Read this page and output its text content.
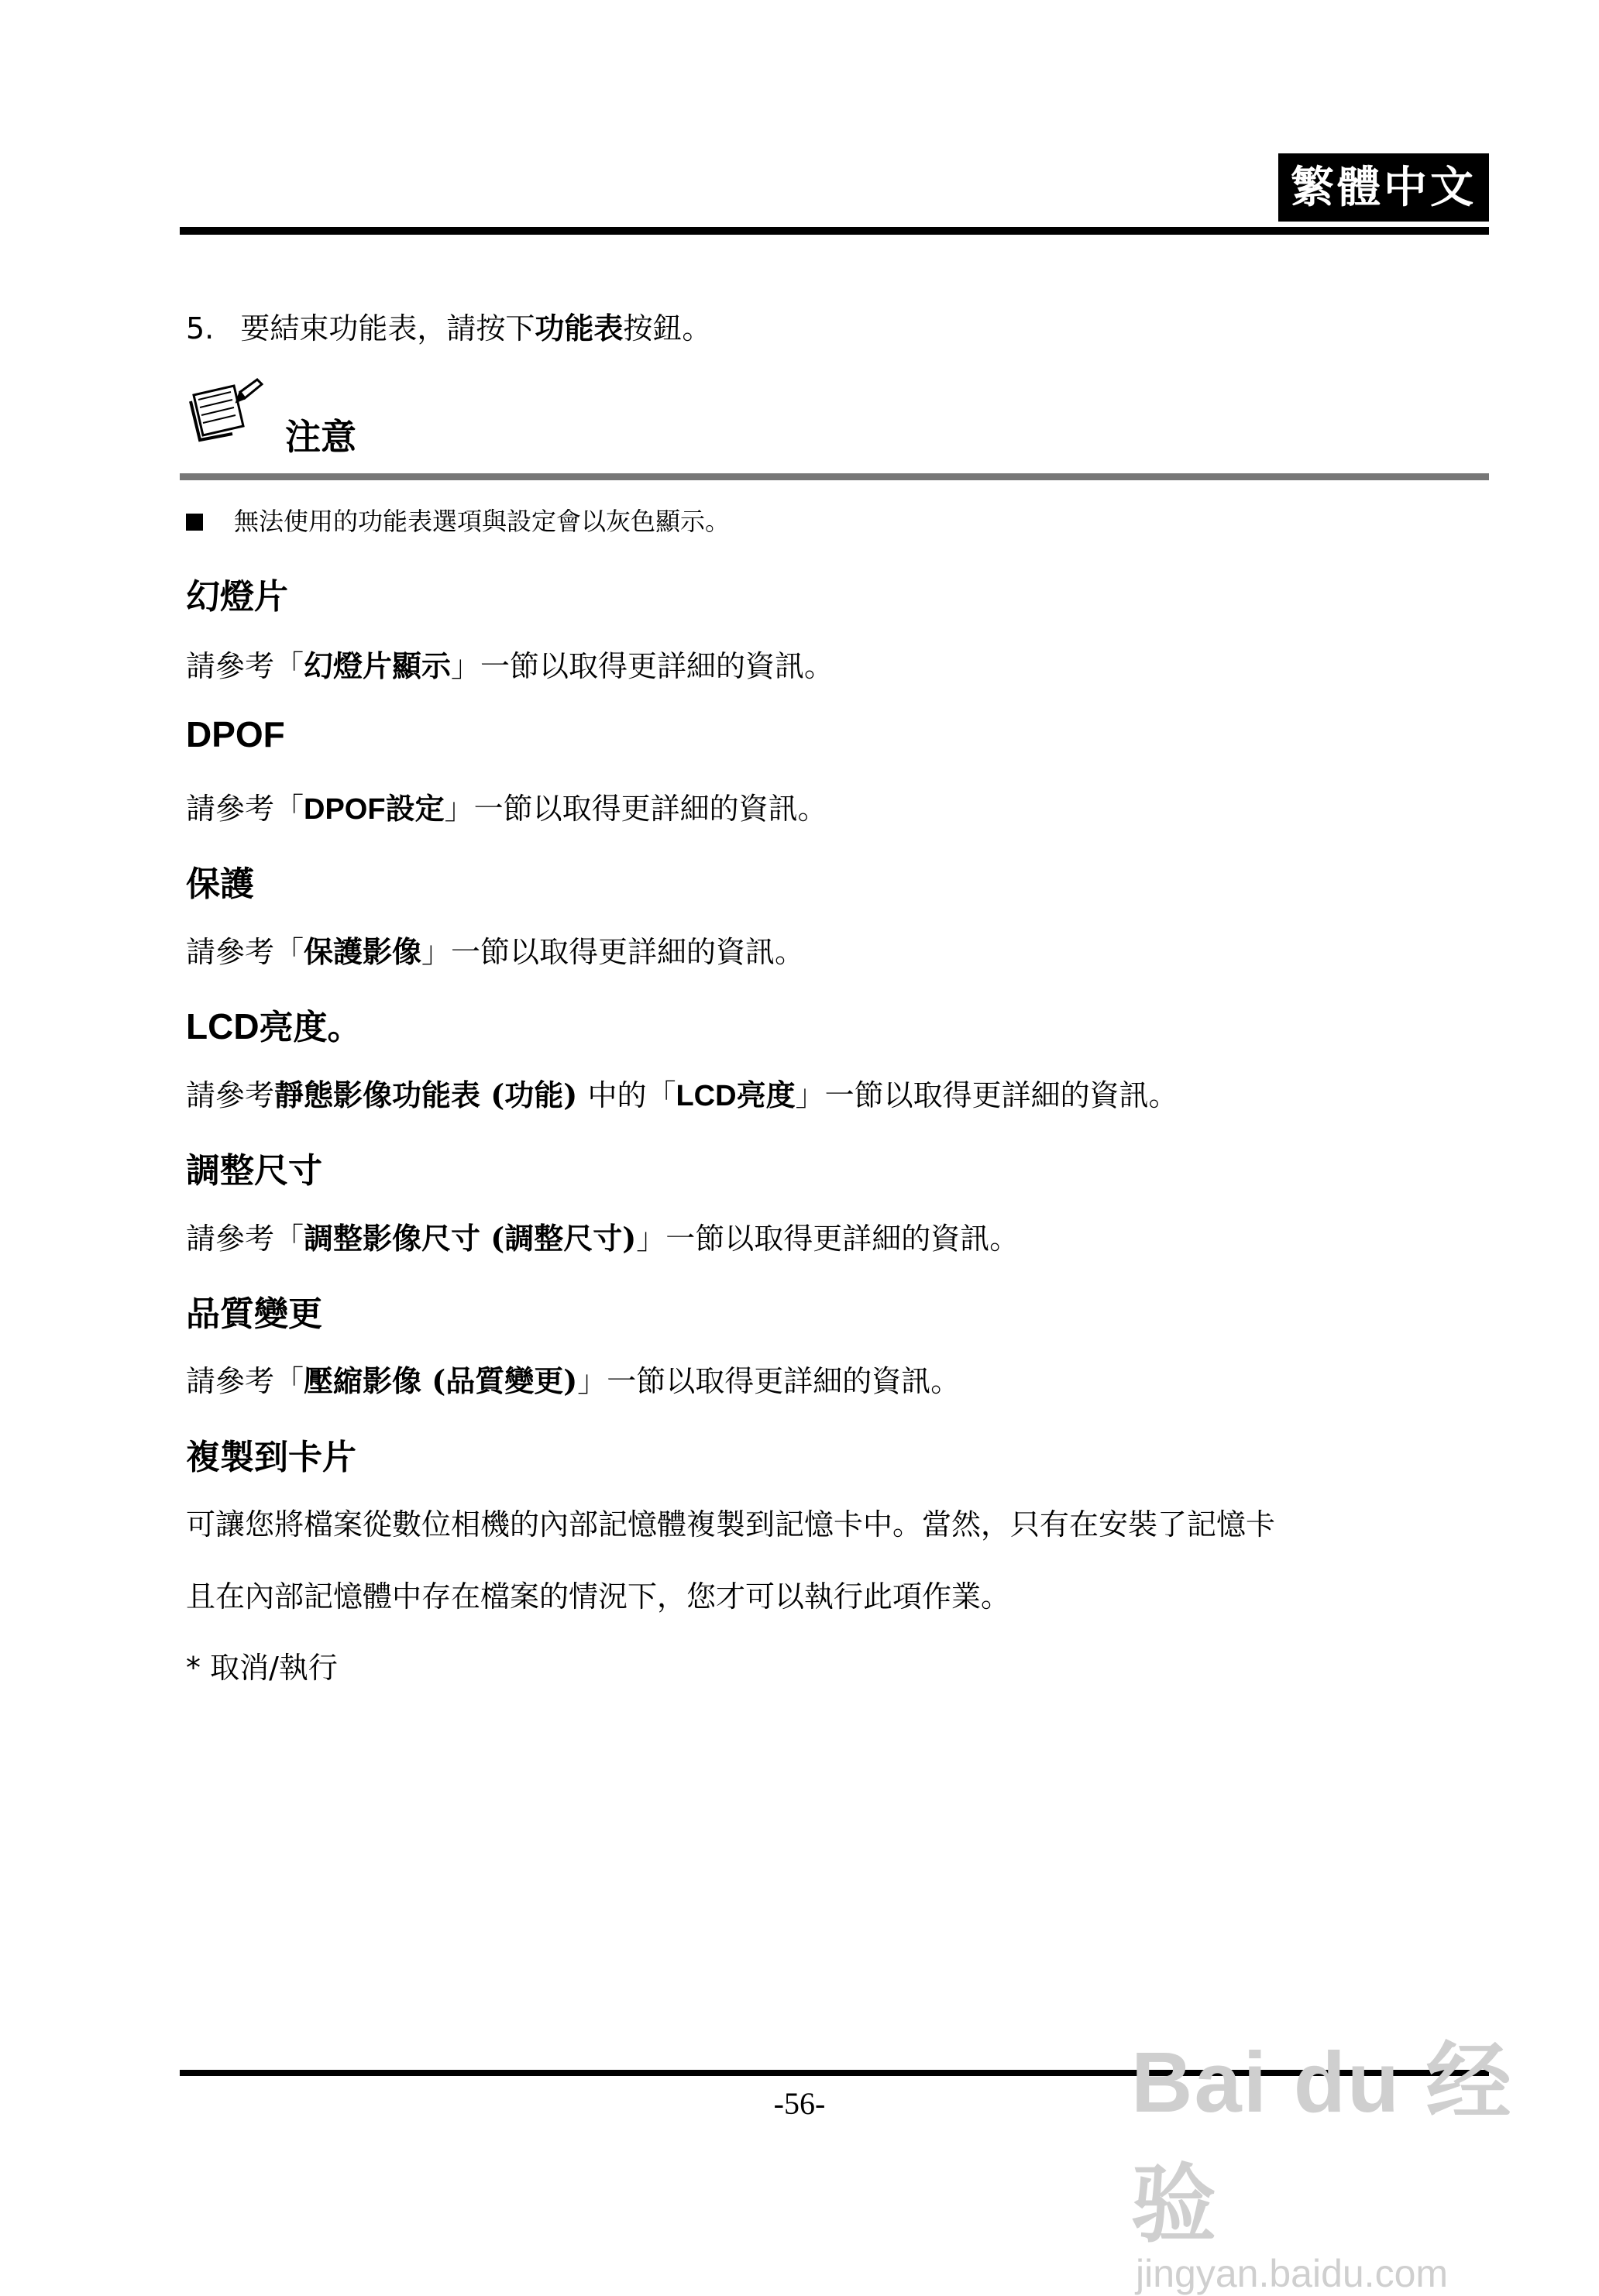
繁體中文
5. 要結束功能表，請按下功能表按鈕。
注意
無法使用的功能表選項與設定會以灰色顯示。
幻燈片
請參考「幻燈片顯示」一節以取得更詳細的資訊。
DPOF
請參考「DPOF設定」一節以取得更詳細的資訊。
保護
請參考「保護影像」一節以取得更詳細的資訊。
LCD亮度。
請參考靜態影像功能表 (功能) 中的「LCD亮度」一節以取得更詳細的資訊。
調整尺寸
請參考「調整影像尺寸 (調整尺寸)」一節以取得更詳細的資訊。
品質變更
請參考「壓縮影像 (品質變更)」一節以取得更詳細的資訊。
複製到卡片
可讓您將檔案從數位相機的內部記憶體複製到記憶卡中。當然，只有在安裝了記憶卡
且在內部記憶體中存在檔案的情況下，您才可以執行此項作業。
* 取消/執行
-56-	Bai du 经验
jingyan.baidu.com
